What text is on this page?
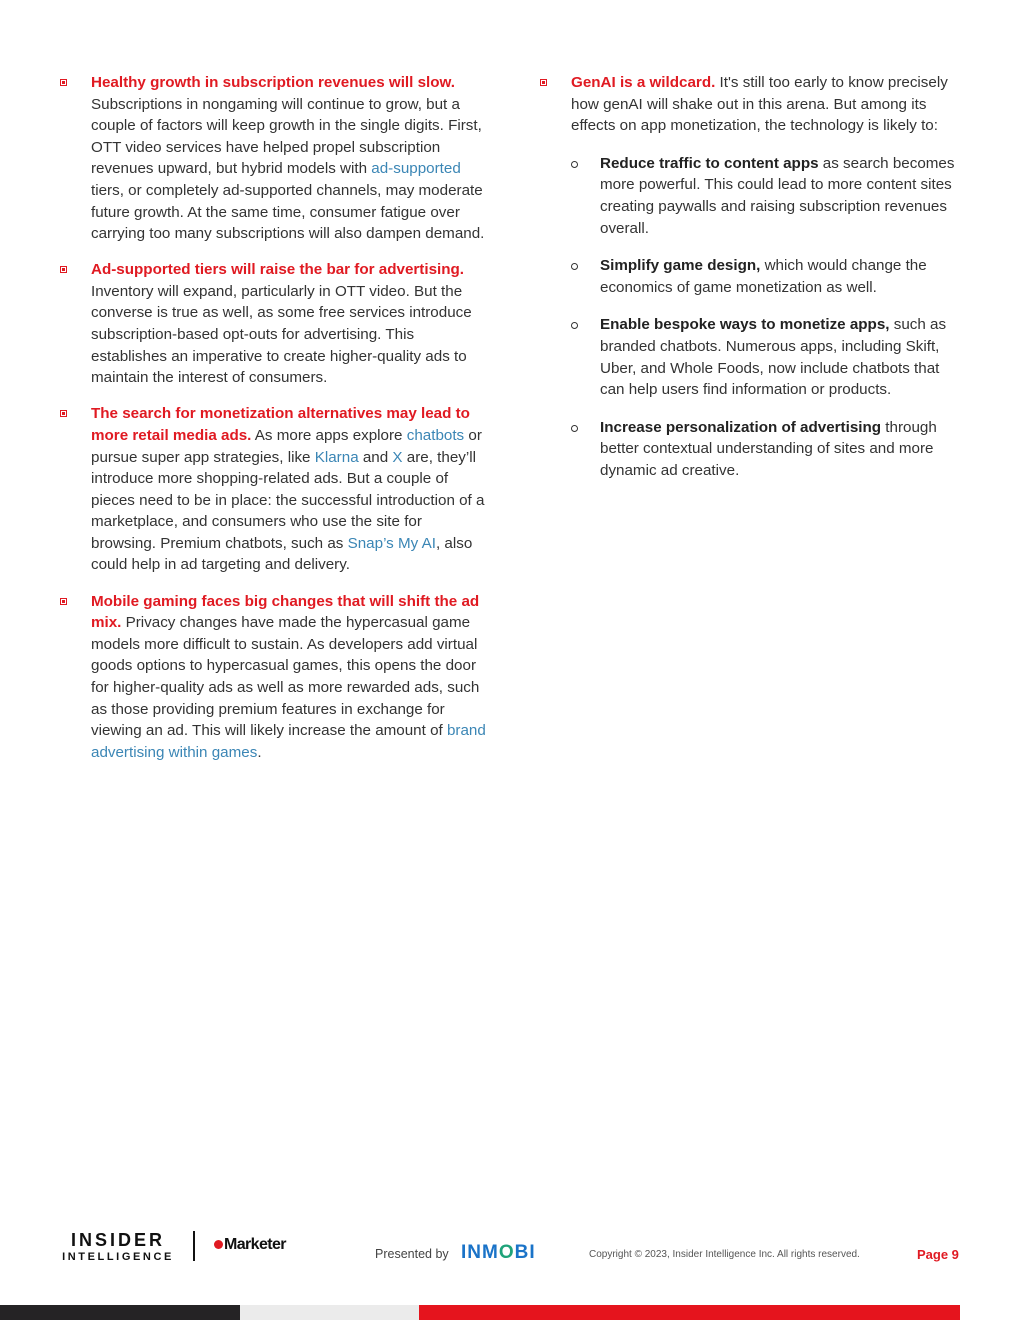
Healthy growth in subscription revenues will slow. Subscriptions in nongaming will continue to grow, but a couple of factors will keep growth in the single digits. First, OTT video services have helped propel subscription revenues upward, but hybrid models with ad-supported tiers, or completely ad-supported channels, may moderate future growth. At the same time, consumer fatigue over carrying too many subscriptions will also dampen demand.
Ad-supported tiers will raise the bar for advertising. Inventory will expand, particularly in OTT video. But the converse is true as well, as some free services introduce subscription-based opt-outs for advertising. This establishes an imperative to create higher-quality ads to maintain the interest of consumers.
The search for monetization alternatives may lead to more retail media ads. As more apps explore chatbots or pursue super app strategies, like Klarna and X are, they’ll introduce more shopping-related ads. But a couple of pieces need to be in place: the successful introduction of a marketplace, and consumers who use the site for browsing. Premium chatbots, such as Snap’s My AI, also could help in ad targeting and delivery.
Mobile gaming faces big changes that will shift the ad mix. Privacy changes have made the hypercasual game models more difficult to sustain. As developers add virtual goods options to hypercasual games, this opens the door for higher-quality ads as well as more rewarded ads, such as those providing premium features in exchange for viewing an ad. This will likely increase the amount of brand advertising within games.
GenAI is a wildcard. It's still too early to know precisely how genAI will shake out in this arena. But among its effects on app monetization, the technology is likely to:
Reduce traffic to content apps as search becomes more powerful. This could lead to more content sites creating paywalls and raising subscription revenues overall.
Simplify game design, which would change the economics of game monetization as well.
Enable bespoke ways to monetize apps, such as branded chatbots. Numerous apps, including Skift, Uber, and Whole Foods, now include chatbots that can help users find information or products.
Increase personalization of advertising through better contextual understanding of sites and more dynamic ad creative.
INSIDER
INTELLIGENCE
Marketer
Presented by INMOBI	Copyright © 2023, Insider Intelligence Inc. All rights reserved.	Page 9
